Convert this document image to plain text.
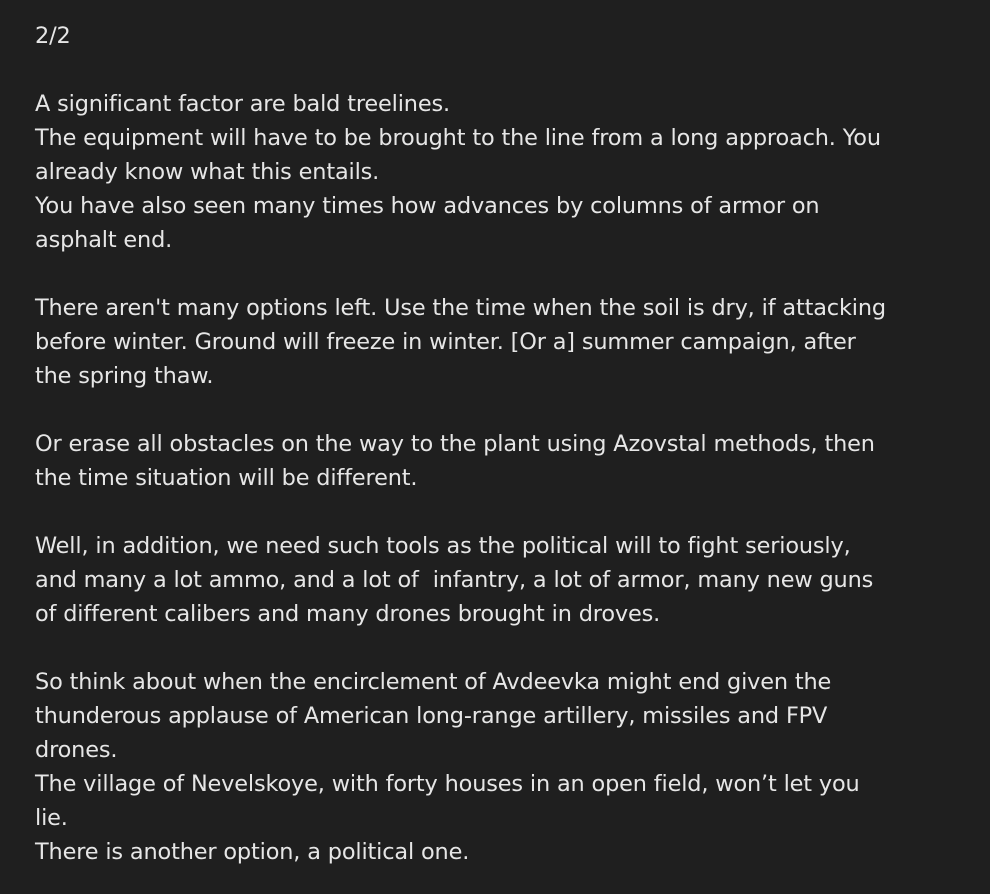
2/2
A significant factor are bald treelines.
The equipment will have to be brought to the line from a long approach. You
already know what this entails.
You have also seen many times how advances by columns of armor on
asphalt end.
There aren't many options left. Use the time when the soil is dry, if attacking
before winter. Ground will freeze in winter. [Or a] summer campaign, after
the spring thaw.
Or erase all obstacles on the way to the plant using Azovstal methods, then
the time situation will be different.
Well, in addition, we need such tools as the political will to fight seriously,
and many a lot ammo, and a lot of  infantry, a lot of armor, many new guns
of different calibers and many drones brought in droves.
So think about when the encirclement of Avdeevka might end given the
thunderous applause of American long-range artillery, missiles and FPV
drones.
The village of Nevelskoye, with forty houses in an open field, won’t let you
lie.
There is another option, a political one.
